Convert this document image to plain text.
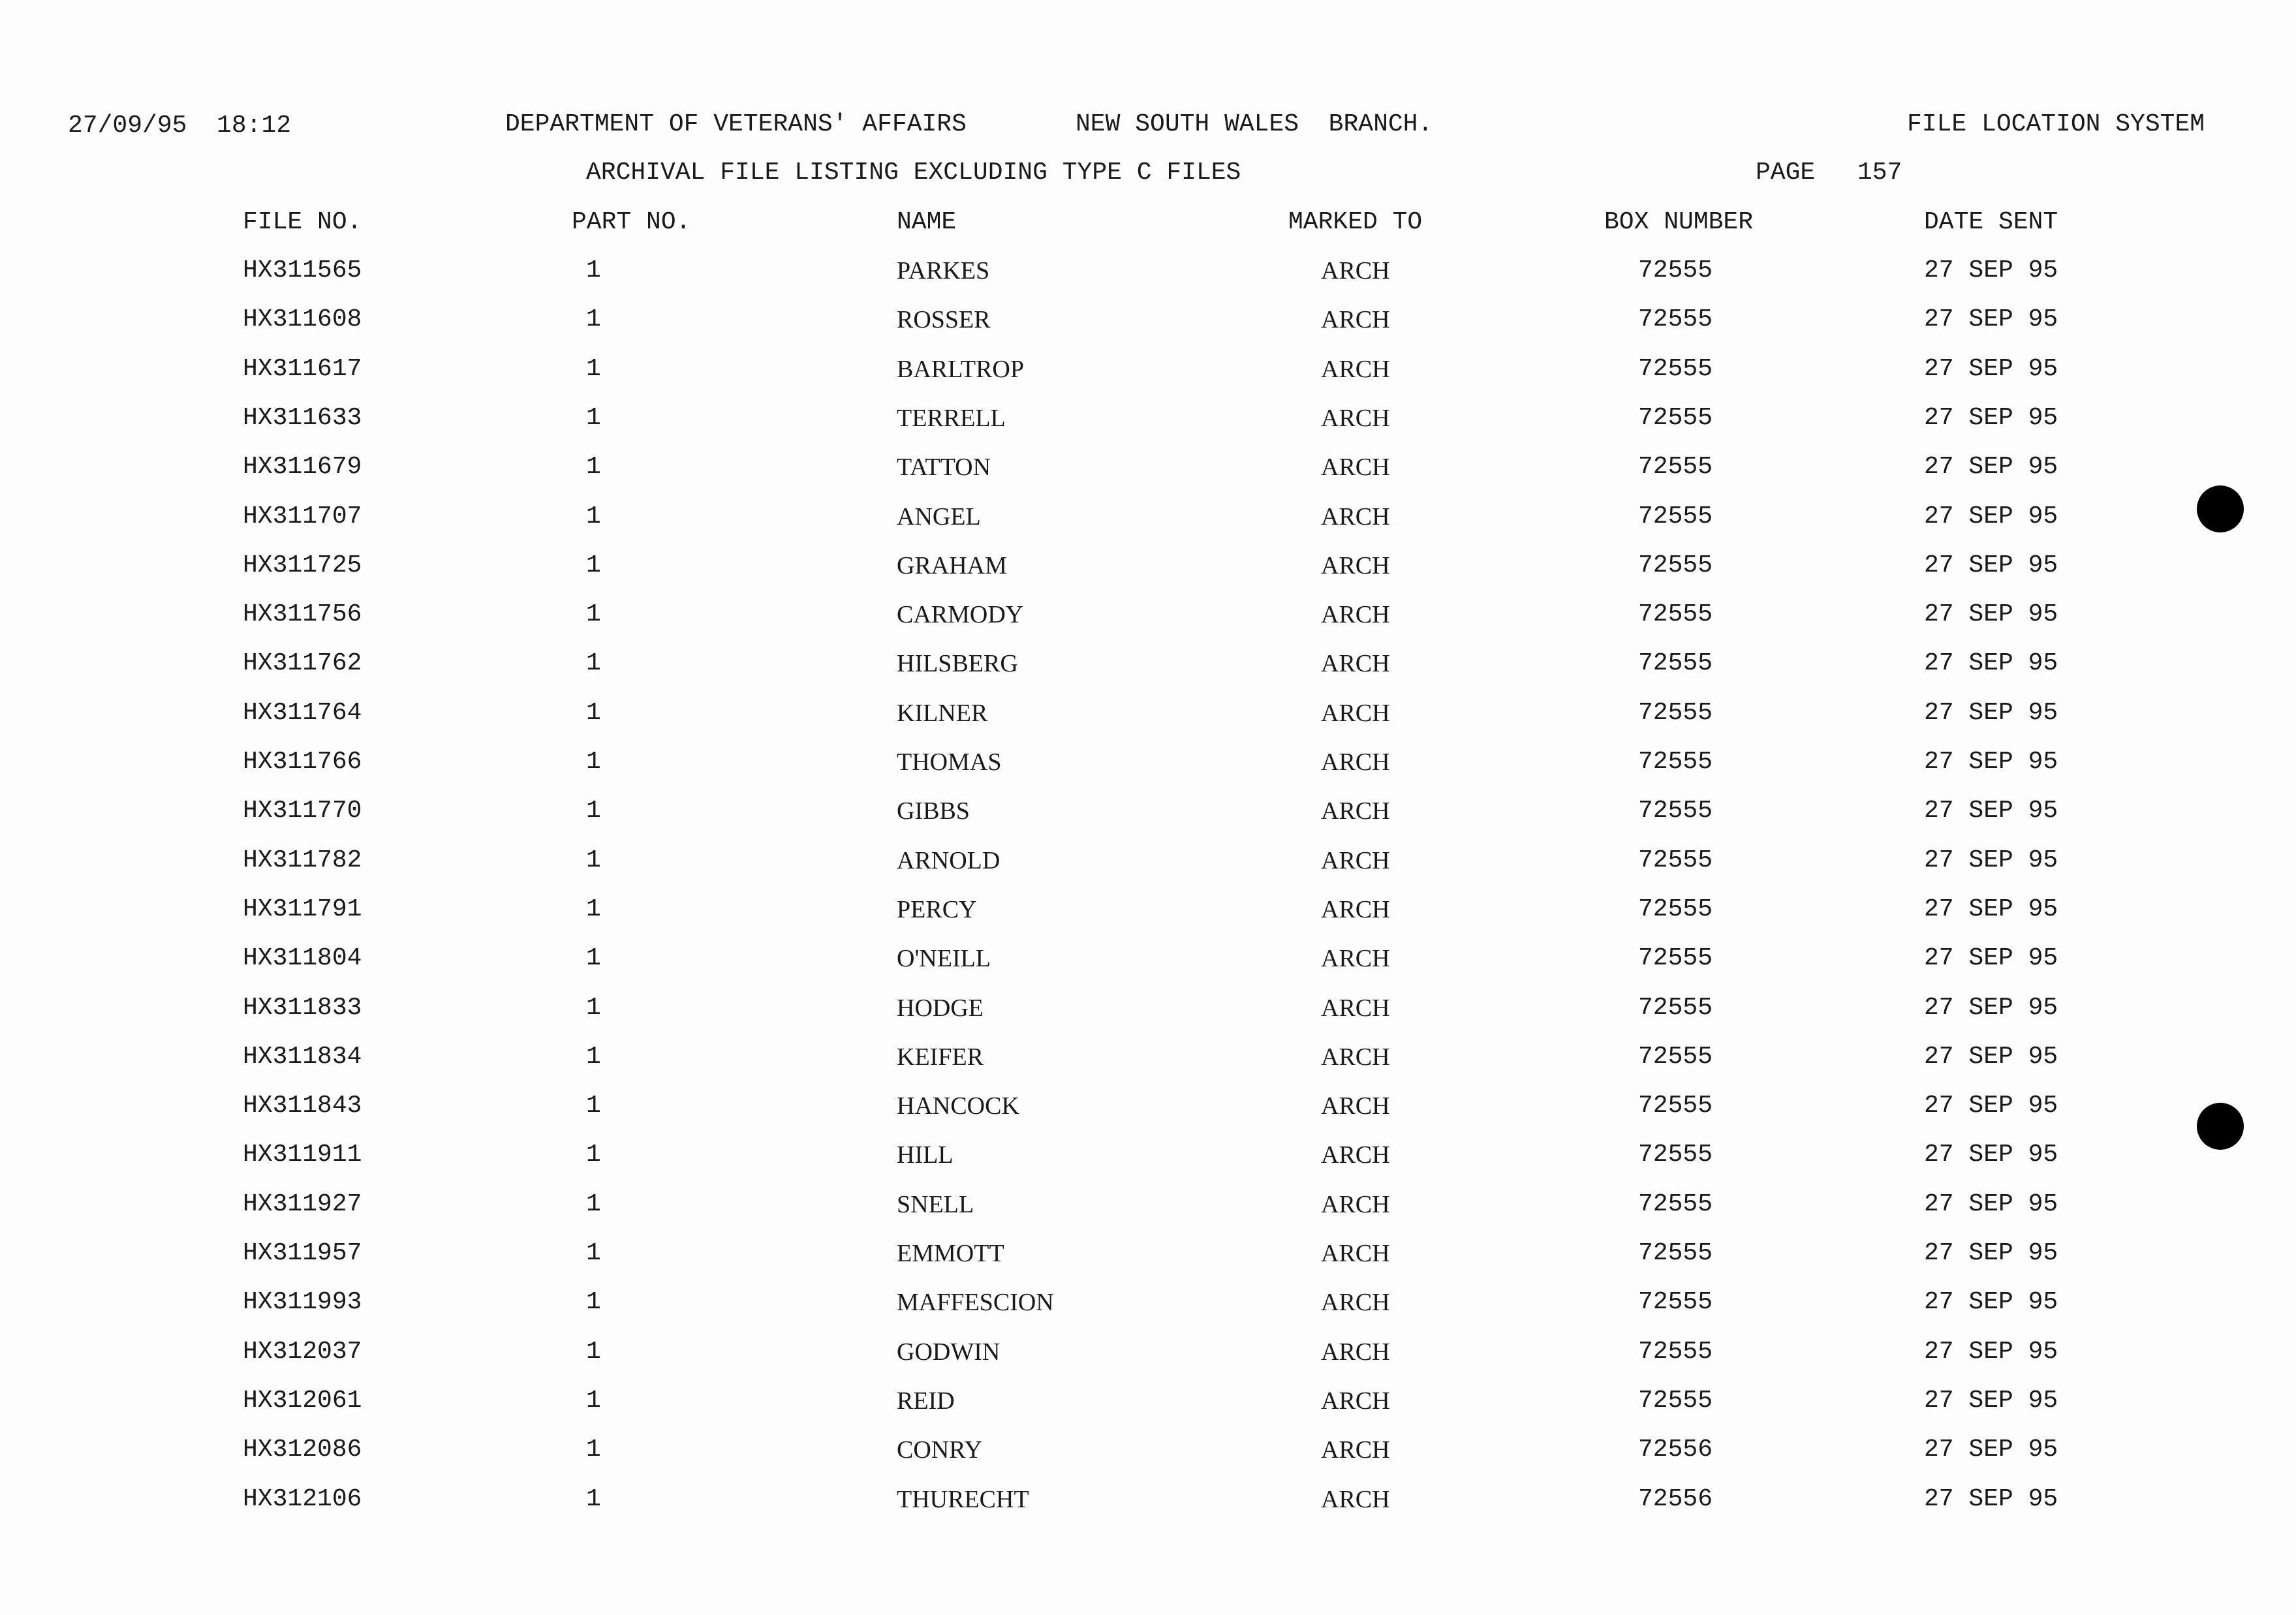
27/09/95  18:12	DEPARTMENT OF VETERANS' AFFAIRS	NEW SOUTH WALES  BRANCH.	FILE LOCATION SYSTEM
ARCHIVAL FILE LISTING EXCLUDING TYPE C FILES	PAGE 157
FILE NO.	PART NO.	NAME	MARKED TO	BOX NUMBER	DATE SENT
HX311565	1	PARKES	ARCH	72555	27 SEP 95
HX311608	1	ROSSER	ARCH	72555	27 SEP 95
HX311617	1	BARLTROP	ARCH	72555	27 SEP 95
HX311633	1	TERRELL	ARCH	72555	27 SEP 95
HX311679	1	TATTON	ARCH	72555	27 SEP 95
HX311707	1	ANGEL	ARCH	72555	27 SEP 95
HX311725	1	GRAHAM	ARCH	72555	27 SEP 95
HX311756	1	CARMODY	ARCH	72555	27 SEP 95
HX311762	1	HILSBERG	ARCH	72555	27 SEP 95
HX311764	1	KILNER	ARCH	72555	27 SEP 95
HX311766	1	THOMAS	ARCH	72555	27 SEP 95
HX311770	1	GIBBS	ARCH	72555	27 SEP 95
HX311782	1	ARNOLD	ARCH	72555	27 SEP 95
HX311791	1	PERCY	ARCH	72555	27 SEP 95
HX311804	1	O'NEILL	ARCH	72555	27 SEP 95
HX311833	1	HODGE	ARCH	72555	27 SEP 95
HX311834	1	KEIFER	ARCH	72555	27 SEP 95
HX311843	1	HANCOCK	ARCH	72555	27 SEP 95
HX311911	1	HILL	ARCH	72555	27 SEP 95
HX311927	1	SNELL	ARCH	72555	27 SEP 95
HX311957	1	EMMOTT	ARCH	72555	27 SEP 95
HX311993	1	MAFFESCION	ARCH	72555	27 SEP 95
HX312037	1	GODWIN	ARCH	72555	27 SEP 95
HX312061	1	REID	ARCH	72555	27 SEP 95
HX312086	1	CONRY	ARCH	72556	27 SEP 95
HX312106	1	THURECHT	ARCH	72556	27 SEP 95
